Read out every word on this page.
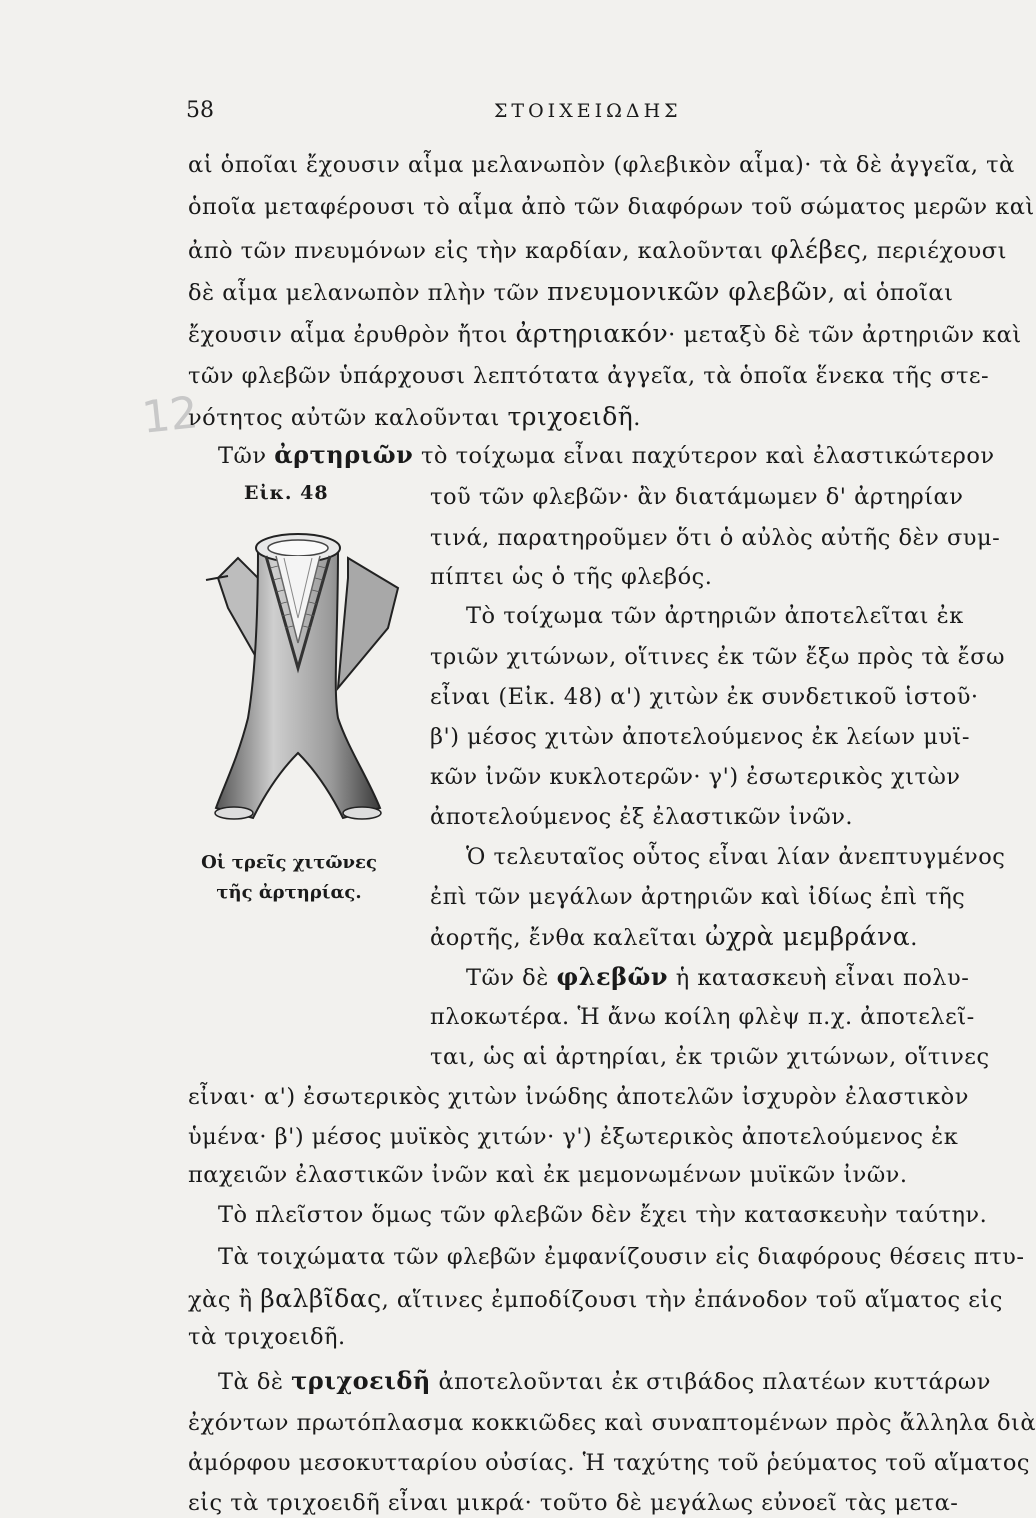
58	ΣΤΟΙΧΕΙΩΔΗΣ
12
αἱ ὁποῖαι ἔχουσιν αἷμα μελανωπὸν (φλεβικὸν αἷμα)· τὰ δὲ ἀγγεῖα, τὰ
ὁποῖα μεταφέρουσι τὸ αἷμα ἀπὸ τῶν διαφόρων τοῦ σώματος μερῶν καὶ
ἀπὸ τῶν πνευμόνων εἰς τὴν καρδίαν, καλοῦνται φλέβες, περιέχουσι
δὲ αἷμα μελανωπὸν πλὴν τῶν πνευμονικῶν φλεβῶν, αἱ ὁποῖαι
ἔχουσιν αἷμα ἐρυθρὸν ἤτοι ἀρτηριακόν· μεταξὺ δὲ τῶν ἀρτηριῶν καὶ
τῶν φλεβῶν ὑπάρχουσι λεπτότατα ἀγγεῖα, τὰ ὁποῖα ἕνεκα τῆς στε-
νότητος αὐτῶν καλοῦνται τριχοειδῆ.
Τῶν ἀρτηριῶν τὸ τοίχωμα εἶναι παχύτερον καὶ ἐλαστικώτερον
τοῦ τῶν φλεβῶν· ἂν διατάμωμεν δ' ἀρτηρίαν
τινά, παρατηροῦμεν ὅτι ὁ αὐλὸς αὐτῆς δὲν συμ-
πίπτει ὡς ὁ τῆς φλεβός.
Τὸ τοίχωμα τῶν ἀρτηριῶν ἀποτελεῖται ἐκ
τριῶν χιτώνων, οἵτινες ἐκ τῶν ἔξω πρὸς τὰ ἔσω
εἶναι (Εἰκ. 48) α') χιτὼν ἐκ συνδετικοῦ ἱστοῦ·
β') μέσος χιτὼν ἀποτελούμενος ἐκ λείων μυϊ-
κῶν ἰνῶν κυκλοτερῶν· γ') ἐσωτερικὸς χιτὼν
ἀποτελούμενος ἐξ ἐλαστικῶν ἰνῶν.
Ὁ τελευταῖος οὗτος εἶναι λίαν ἀνεπτυγμένος
ἐπὶ τῶν μεγάλων ἀρτηριῶν καὶ ἰδίως ἐπὶ τῆς
ἀορτῆς, ἔνθα καλεῖται ὠχρὰ μεμβράνα.
Τῶν δὲ φλεβῶν ἡ κατασκευὴ εἶναι πολυ-
πλοκωτέρα. Ἡ ἄνω κοίλη φλὲψ π.χ. ἀποτελεῖ-
ται, ὡς αἱ ἀρτηρίαι, ἐκ τριῶν χιτώνων, οἵτινες
εἶναι· α') ἐσωτερικὸς χιτὼν ἰνώδης ἀποτελῶν ἰσχυρὸν ἐλαστικὸν
ὑμένα· β') μέσος μυϊκὸς χιτών· γ') ἐξωτερικὸς ἀποτελούμενος ἐκ
παχειῶν ἐλαστικῶν ἰνῶν καὶ ἐκ μεμονωμένων μυϊκῶν ἰνῶν.
Τὸ πλεῖστον ὅμως τῶν φλεβῶν δὲν ἔχει τὴν κατασκευὴν ταύτην.
Τὰ τοιχώματα τῶν φλεβῶν ἐμφανίζουσιν εἰς διαφόρους θέσεις πτυ-
χὰς ἢ βαλβῖδας, αἵτινες ἐμποδίζουσι τὴν ἐπάνοδον τοῦ αἵματος εἰς
τὰ τριχοειδῆ.
Τὰ δὲ τριχοειδῆ ἀποτελοῦνται ἐκ στιβάδος πλατέων κυττάρων
ἐχόντων πρωτόπλασμα κοκκιῶδες καὶ συναπτομένων πρὸς ἄλληλα διὰ
ἀμόρφου μεσοκυτταρίου οὐσίας. Ἡ ταχύτης τοῦ ῥεύματος τοῦ αἵματος
εἰς τὰ τριχοειδῆ εἶναι μικρά· τοῦτο δὲ μεγάλως εὐνοεῖ τὰς μετα-
Εἰκ. 48
Οἱ τρεῖς χιτῶνες
τῆς ἀρτηρίας.
